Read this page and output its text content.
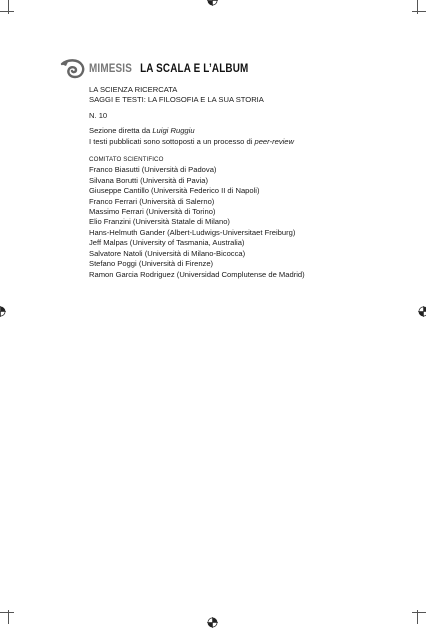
MIMESIS LA SCALA E L’ALBUM

LA SCIENZA RICERCATA

SAGGI E TESTI: LA FILOSOFIA E LA SUA STORIA

N. 10

Sezione diretta da Luigi Ruggiu

I testi pubblicati sono sottoposti a un processo di peer-review

COMITATO SCIENTIFICO

Franco Biasutti (Università di Padova)

Silvana Borutti (Università di Pavia)

Giuseppe Cantillo (Università Federico II di Napoli)

Franco Ferrari (Università di Salerno)

Massimo Ferrari (Università di Torino)

Elio Franzini (Università Statale di Milano)

Hans-Helmuth Gander (Albert-Ludwigs-Universitaet Freiburg)

Jeff Malpas (University of Tasmania, Australia)

Salvatore Natoli (Università di Milano-Bicocca)

Stefano Poggi (Università di Firenze)

Ramon Garcia Rodriguez (Universidad Complutense de Madrid)
